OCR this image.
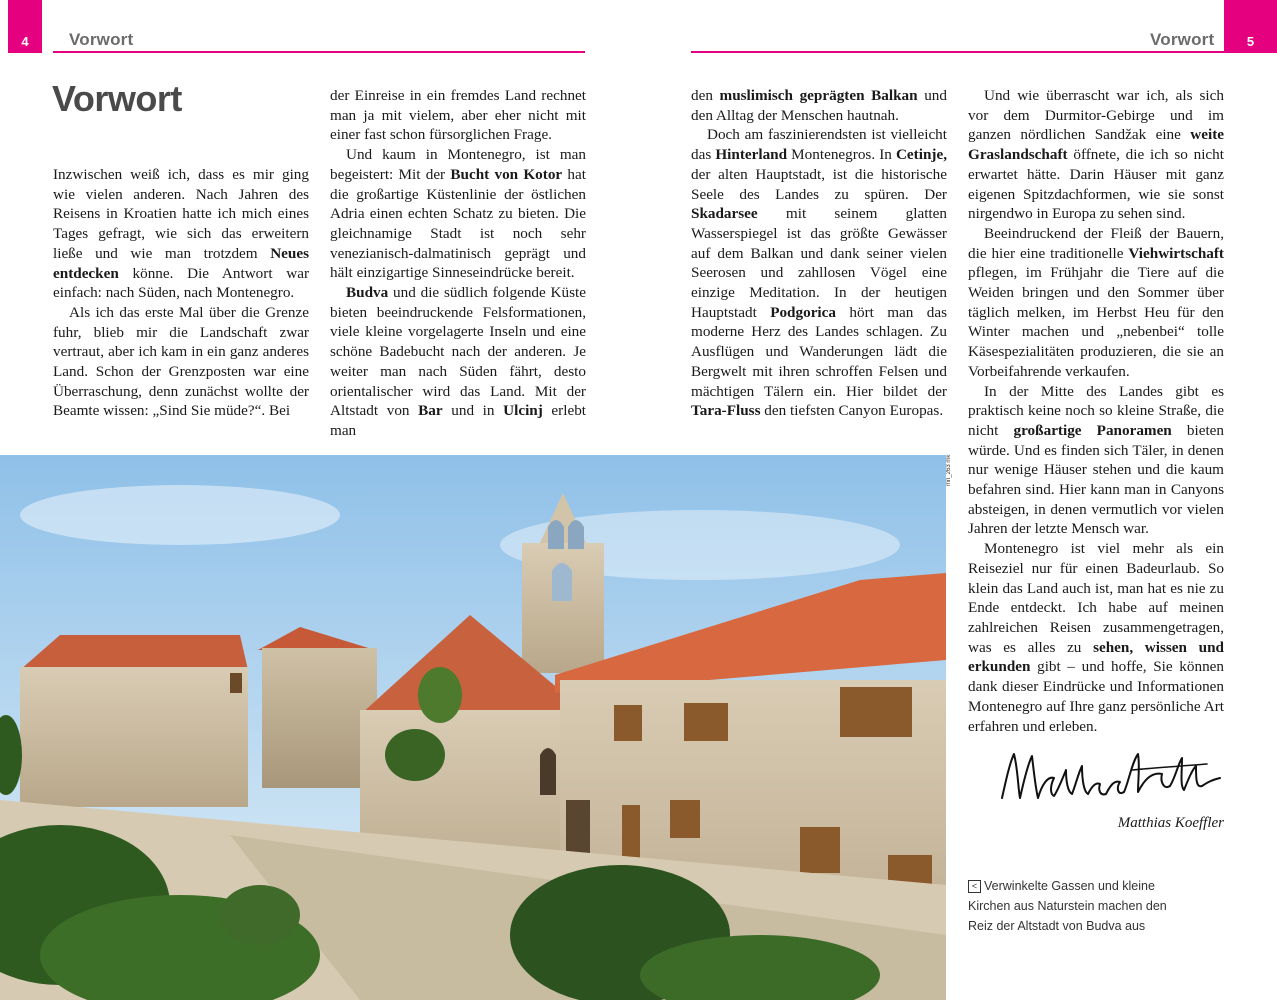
4 Vorwort	5
Vorwort
Vorwort

Inzwischen weiß ich, dass es mir ging wie vielen anderen. Nach Jahren des Reisens in Kroatien hatte ich mich eines Tages gefragt, wie sich das erweitern ließe und wie man trotzdem Neues entdecken könne. Die Antwort war einfach: nach Süden, nach Montenegro.

Als ich das erste Mal über die Grenze fuhr, blieb mir die Landschaft zwar vertraut, aber ich kam in ein ganz anderes Land. Schon der Grenzposten war eine Überraschung, denn zunächst wollte der Beamte wissen: „Sind Sie müde?“. Bei

der Einreise in ein fremdes Land rechnet man ja mit vielem, aber eher nicht mit einer fast schon fürsorglichen Frage.

Und kaum in Montenegro, ist man begeistert: Mit der Bucht von Kotor hat die großartige Küstenlinie der östlichen Adria einen echten Schatz zu bieten. Die gleichnamige Stadt ist noch sehr venezianisch-dalmatinisch geprägt und hält einzigartige Sinneseindrücke bereit.

Budva und die südlich folgende Küste bieten beeindruckende Felsformationen, viele kleine vorgelagerte Inseln und eine schöne Badebucht nach der anderen. Je weiter man nach Süden fährt, desto orientalischer wird das Land. Mit der Altstadt von Bar und in Ulcinj erlebt man

den muslimisch geprägten Balkan und den Alltag der Menschen hautnah.

Doch am faszinierendsten ist vielleicht das Hinterland Montenegros. In Cetinje, der alten Hauptstadt, ist die historische Seele des Landes zu spüren. Der Skadarsee mit seinem glatten Wasserspiegel ist das größte Gewässer auf dem Balkan und dank seiner vielen Seerosen und zahllosen Vögel eine einzige Meditation. In der heutigen Hauptstadt Podgorica hört man das moderne Herz des Landes schlagen. Zu Ausflügen und Wanderungen lädt die Bergwelt mit ihren schroffen Felsen und mächtigen Tälern ein. Hier bildet der Tara-Fluss den tiefsten Canyon Europas.

Und wie überrascht war ich, als sich vor dem Durmitor-Gebirge und im ganzen nördlichen Sandžak eine weite Graslandschaft öffnete, die ich so nicht erwartet hätte. Darin Häuser mit ganz eigenen Spitzdachformen, wie sie sonst nirgendwo in Europa zu sehen sind.

Beeindruckend der Fleiß der Bauern, die hier eine traditionelle Viehwirtschaft pflegen, im Frühjahr die Tiere auf die Weiden bringen und den Sommer über täglich melken, im Herbst Heu für den Winter machen und „nebenbei“ tolle Käsespezialitäten produzieren, die sie an Vorbeifahrende verkaufen.

In der Mitte des Landes gibt es praktisch keine noch so kleine Straße, die nicht großartige Panoramen bieten würde. Und es finden sich Täler, in denen nur wenige Häuser stehen und die kaum befahren sind. Hier kann man in Canyons absteigen, in denen vermutlich vor vielen Jahren der letzte Mensch war.

Montenegro ist viel mehr als ein Reiseziel nur für einen Badeurlaub. So klein das Land auch ist, man hat es nie zu Ende entdeckt. Ich habe auf meinen zahlreichen Reisen zusammengetragen, was es alles zu sehen, wissen und erkunden gibt – und hoffe, Sie können dank dieser Eindrücke und Informationen Montenegro auf Ihre ganz persönliche Art erfahren und erleben.

mn_263 mk
Matthias Koeffler
< Verwinkelte Gassen und kleine Kirchen aus Naturstein machen den Reiz der Altstadt von Budva aus
